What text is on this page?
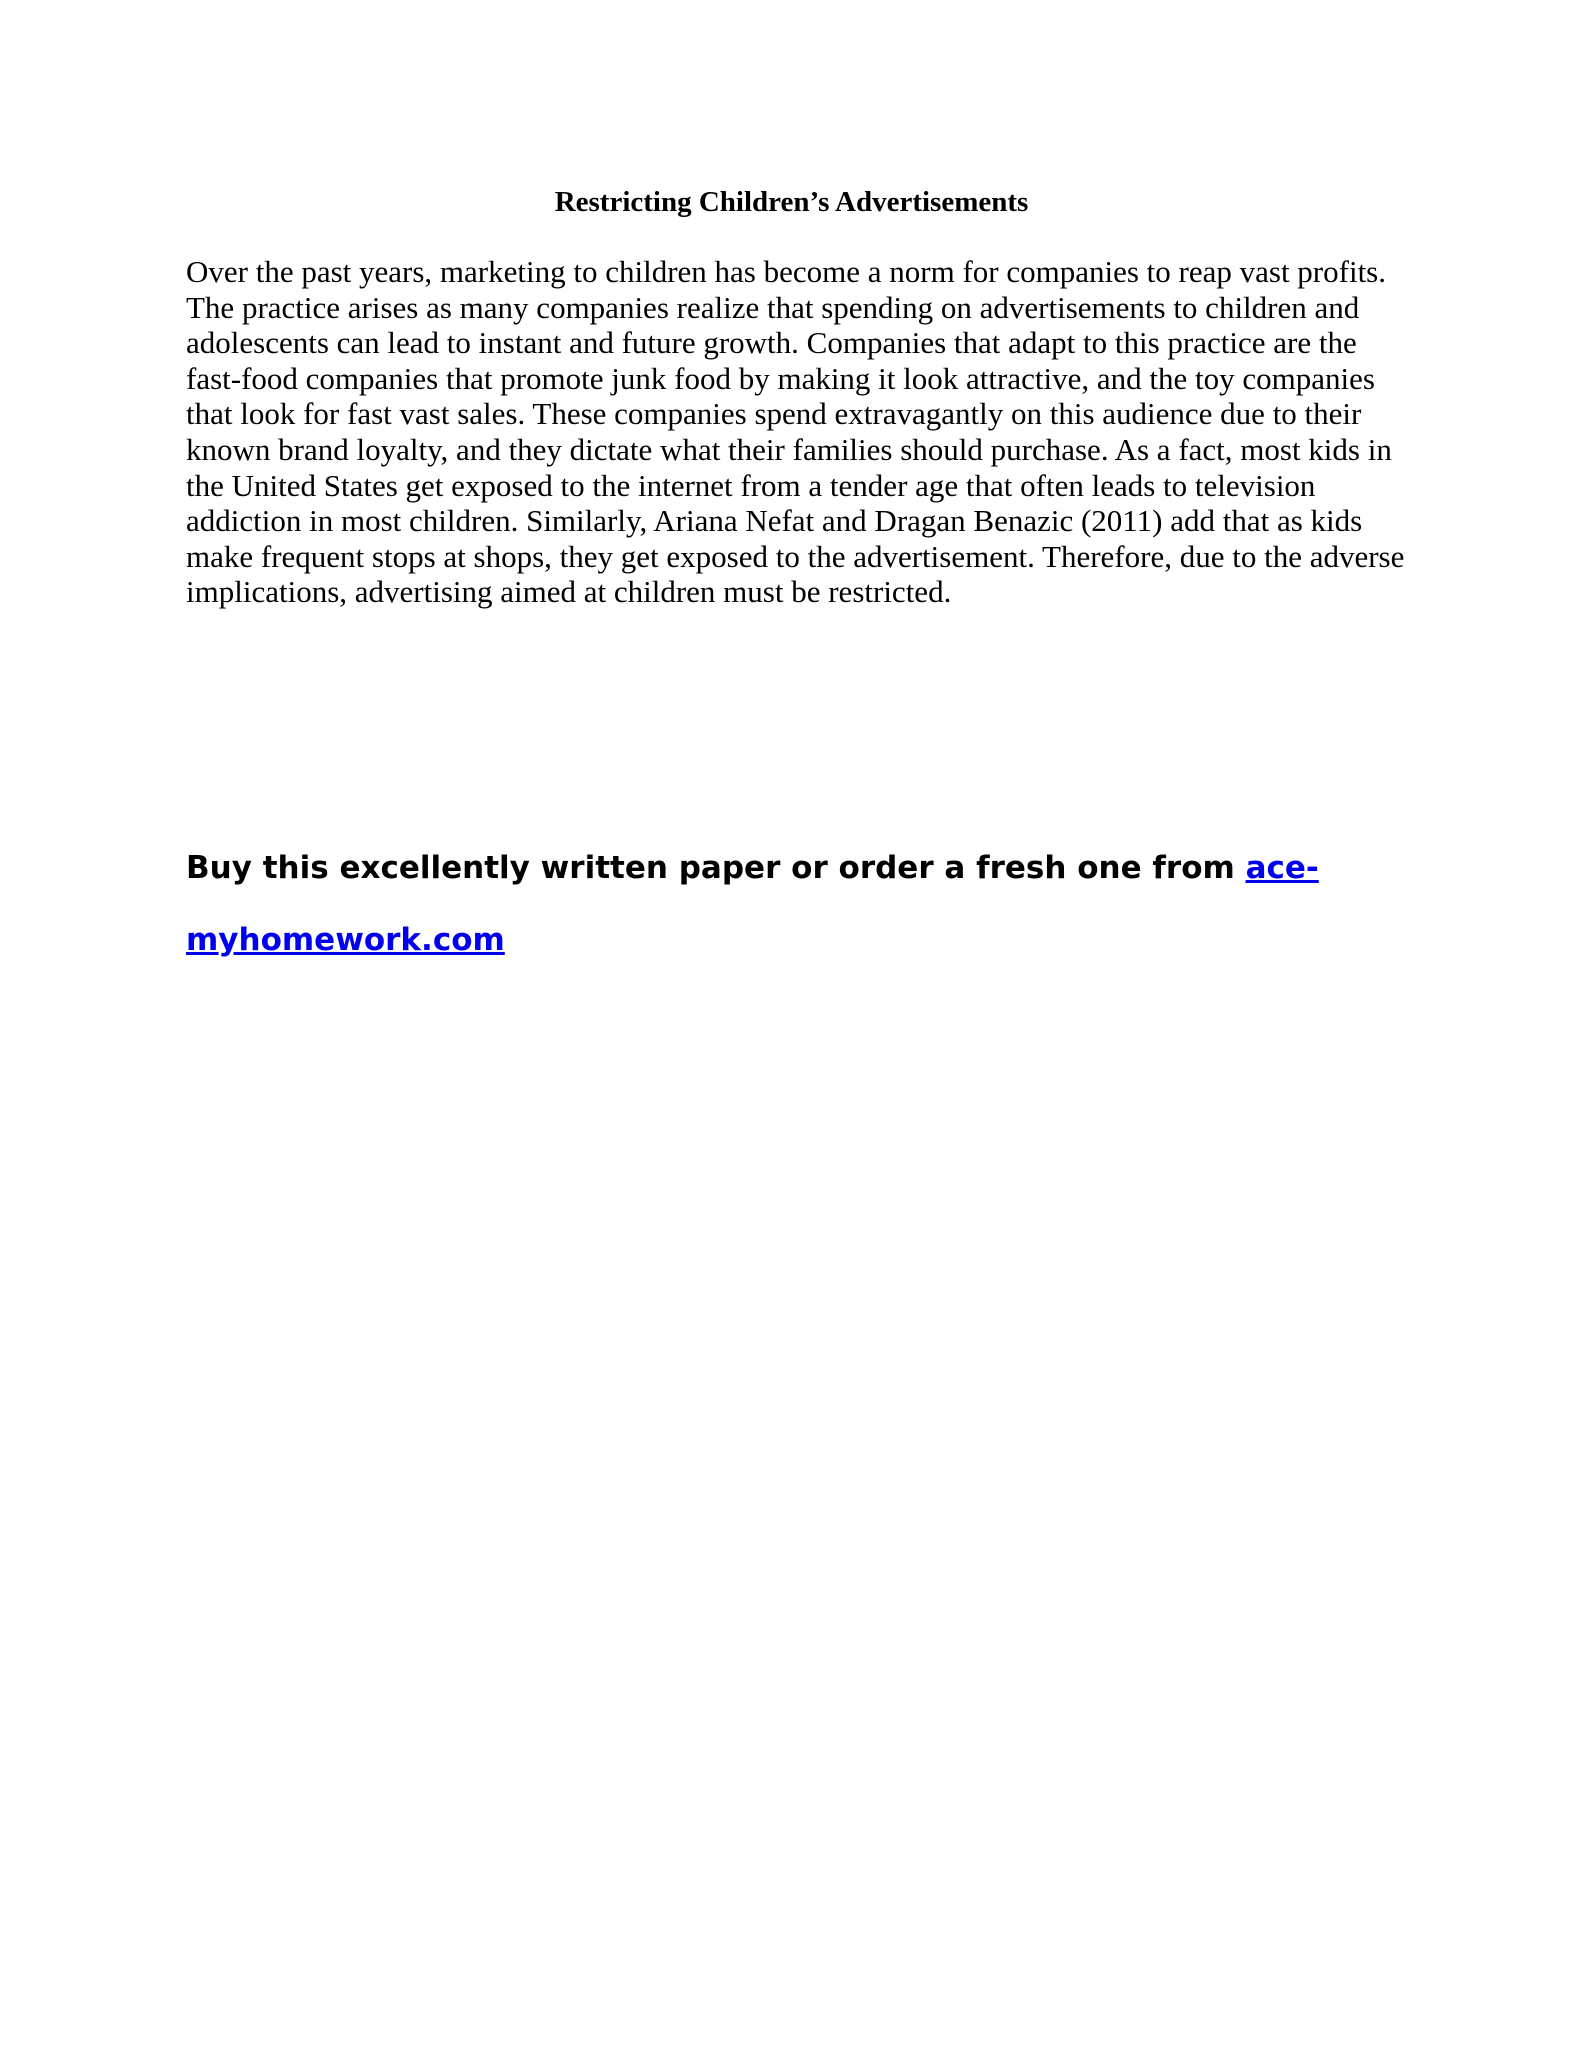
Restricting Children’s Advertisements

Over the past years, marketing to children has become a norm for companies to reap vast profits. The practice arises as many companies realize that spending on advertisements to children and adolescents can lead to instant and future growth. Companies that adapt to this practice are the fast-food companies that promote junk food by making it look attractive, and the toy companies that look for fast vast sales. These companies spend extravagantly on this audience due to their known brand loyalty, and they dictate what their families should purchase. As a fact, most kids in the United States get exposed to the internet from a tender age that often leads to television addiction in most children. Similarly, Ariana Nefat and Dragan Benazic (2011) add that as kids make frequent stops at shops, they get exposed to the advertisement. Therefore, due to the adverse implications, advertising aimed at children must be restricted.

Buy this excellently written paper or order a fresh one from ace-myhomework.com
